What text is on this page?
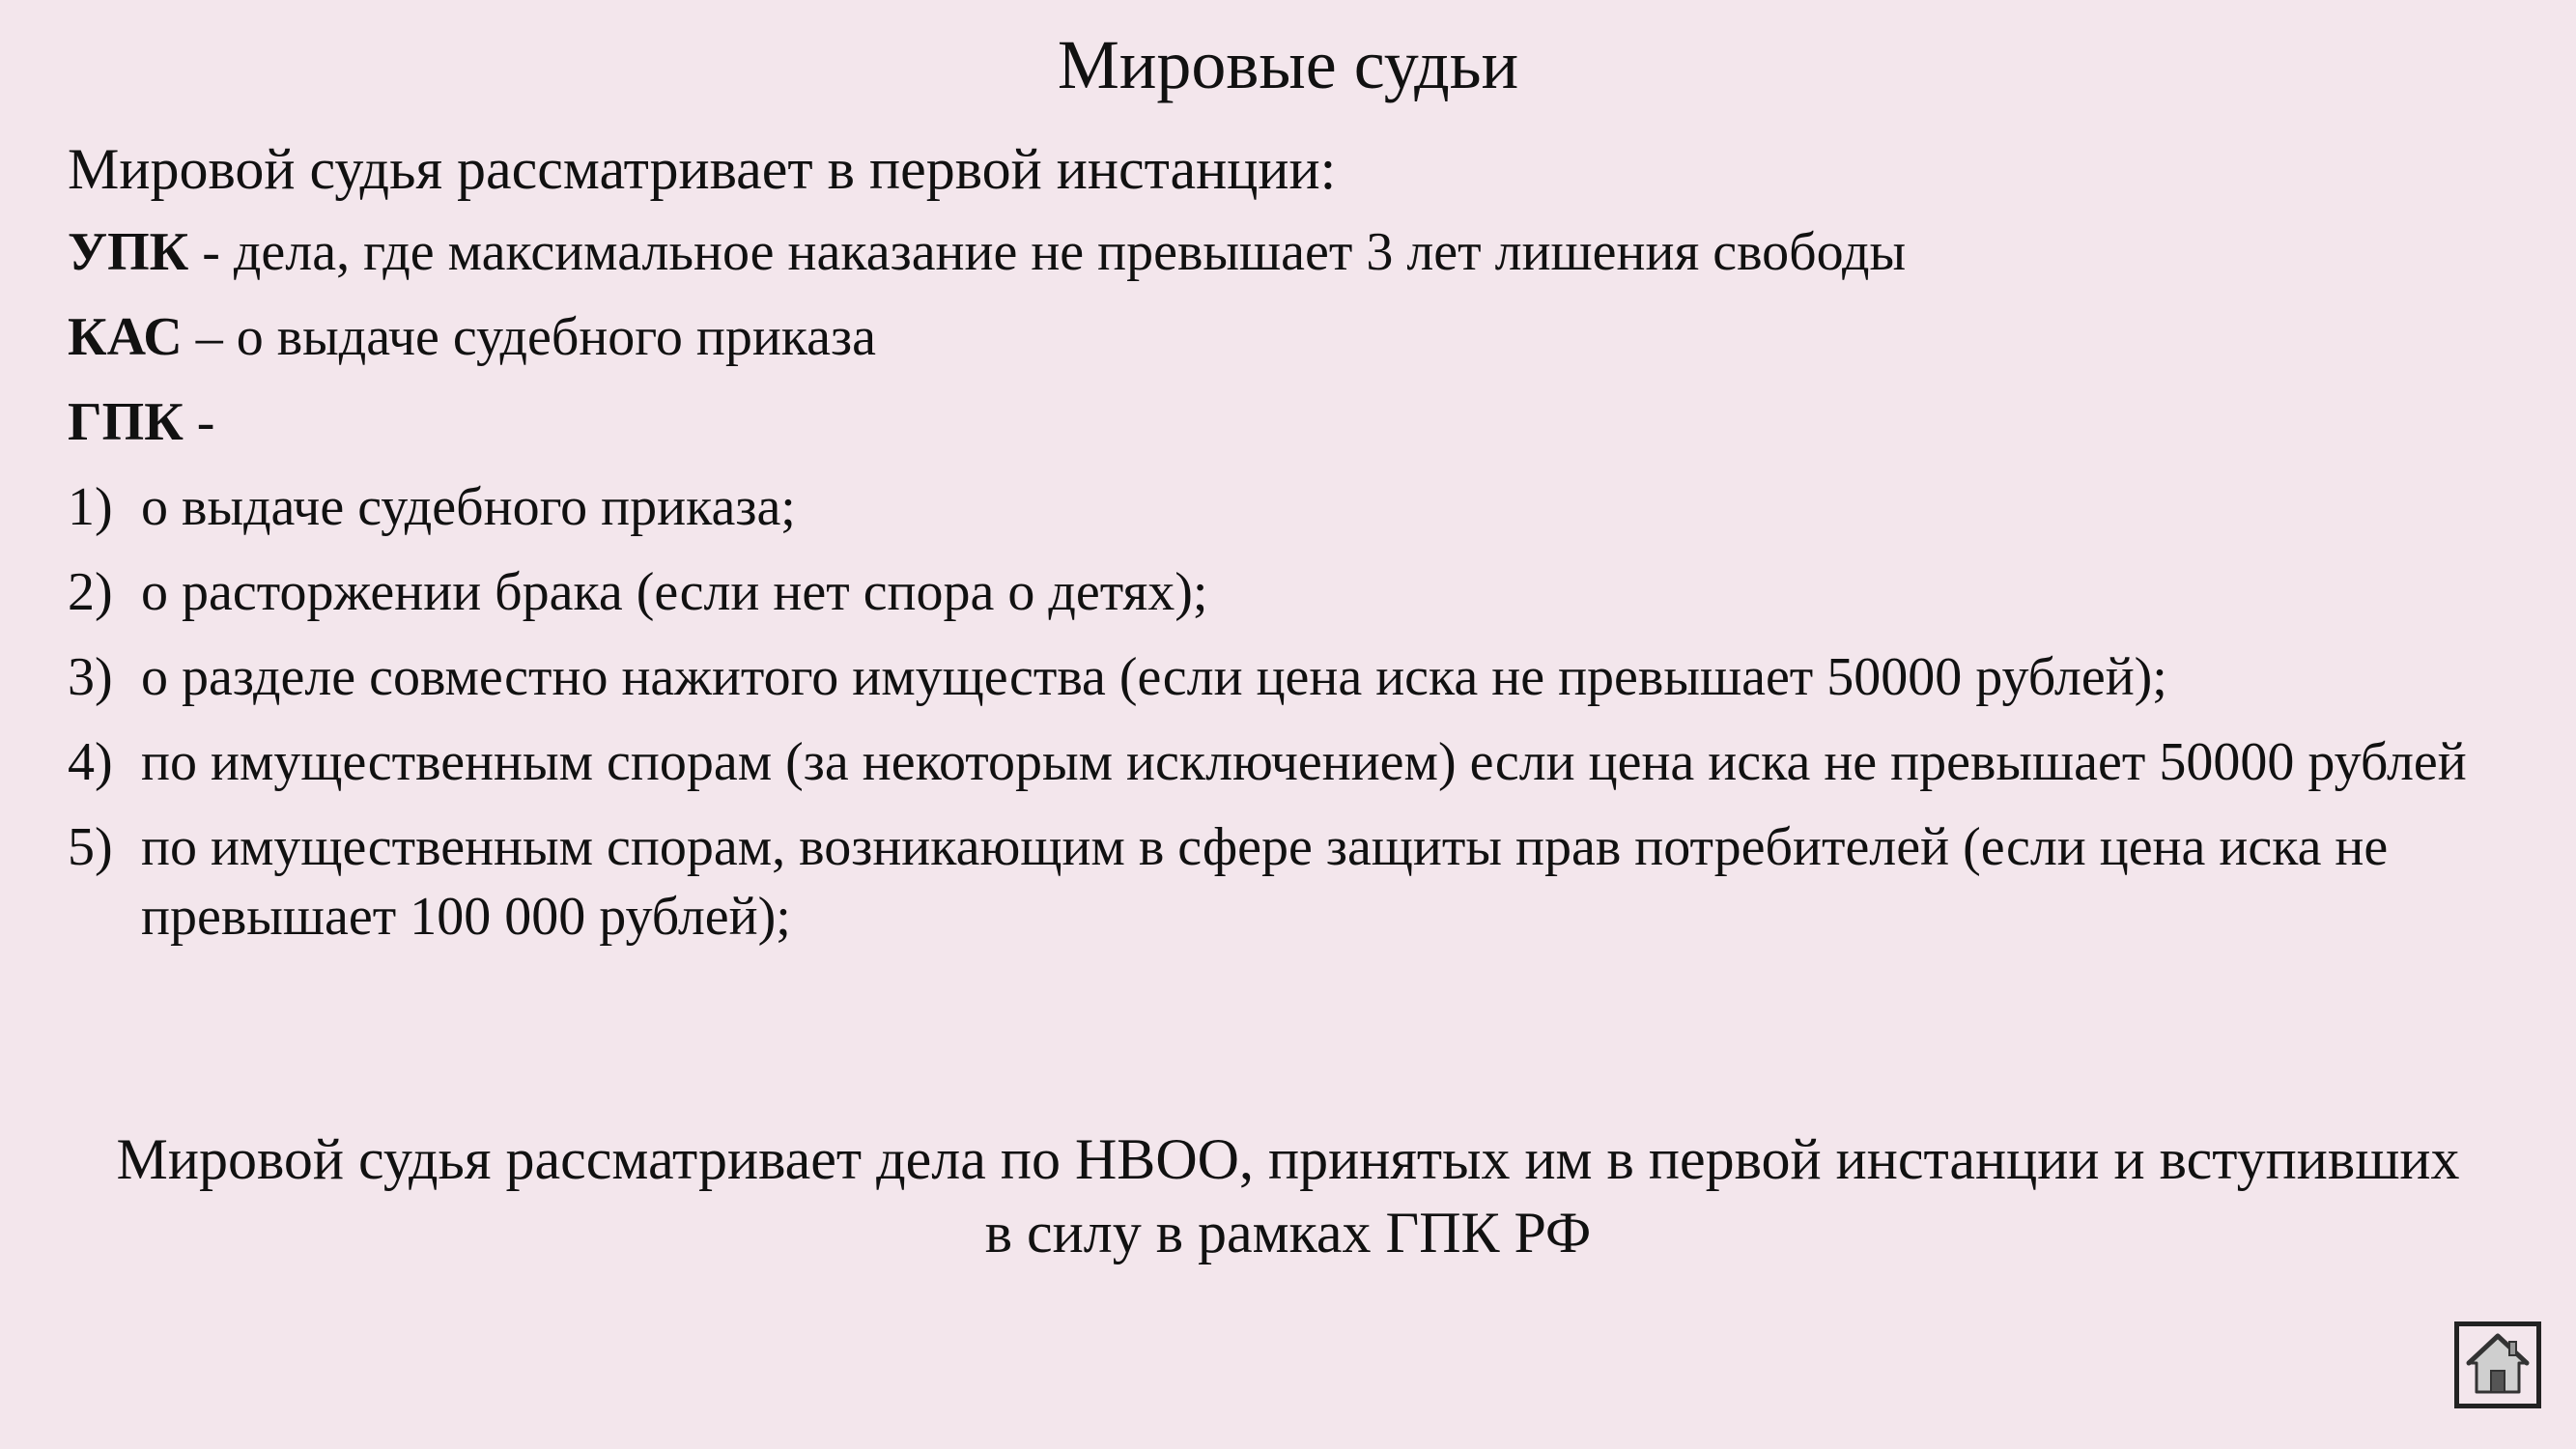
Мировые судьи

Мировой судья рассматривает в первой инстанции:

УПК - дела, где максимальное наказание не превышает 3 лет лишения свободы

КАС – о выдаче судебного приказа

ГПК -

1) о выдаче судебного приказа;
2) о расторжении брака (если нет спора о детях);
3) о разделе совместно нажитого имущества (если цена иска не превышает 50000 рублей);
4) по имущественным спорам (за некоторым исключением) если цена иска не превышает 50000 рублей
5) по имущественным спорам, возникающим в сфере защиты прав потребителей (если цена иска не превышает 100 000 рублей);

Мировой судья рассматривает дела по НВОО, принятых им в первой инстанции и вступивших в силу в рамках ГПК РФ
